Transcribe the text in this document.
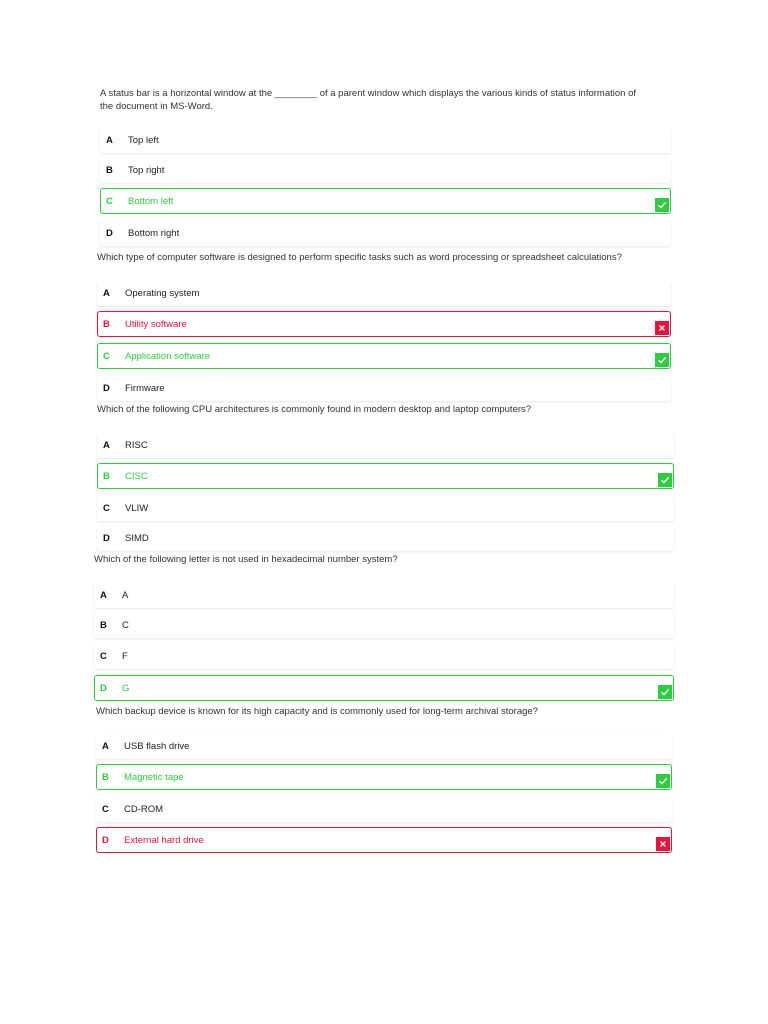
A status bar is a horizontal window at the ________ of a parent window which displays the various kinds of status information of the document in MS-Word.
A	Top left
B	Top right
C	Bottom left
D	Bottom right
Which type of computer software is designed to perform specific tasks such as word processing or spreadsheet calculations?
A	Operating system
B	Utility software
C	Application software
D	Firmware
Which of the following CPU architectures is commonly found in modern desktop and laptop computers?
A	RISC
B	CISC
C	VLIW
D	SIMD
Which of the following letter is not used in hexadecimal number system?
A	A
B	C
C	F
D	G
Which backup device is known for its high capacity and is commonly used for long-term archival storage?
A	USB flash drive
B	Magnetic tape
C	CD-ROM
D	External hard drive
